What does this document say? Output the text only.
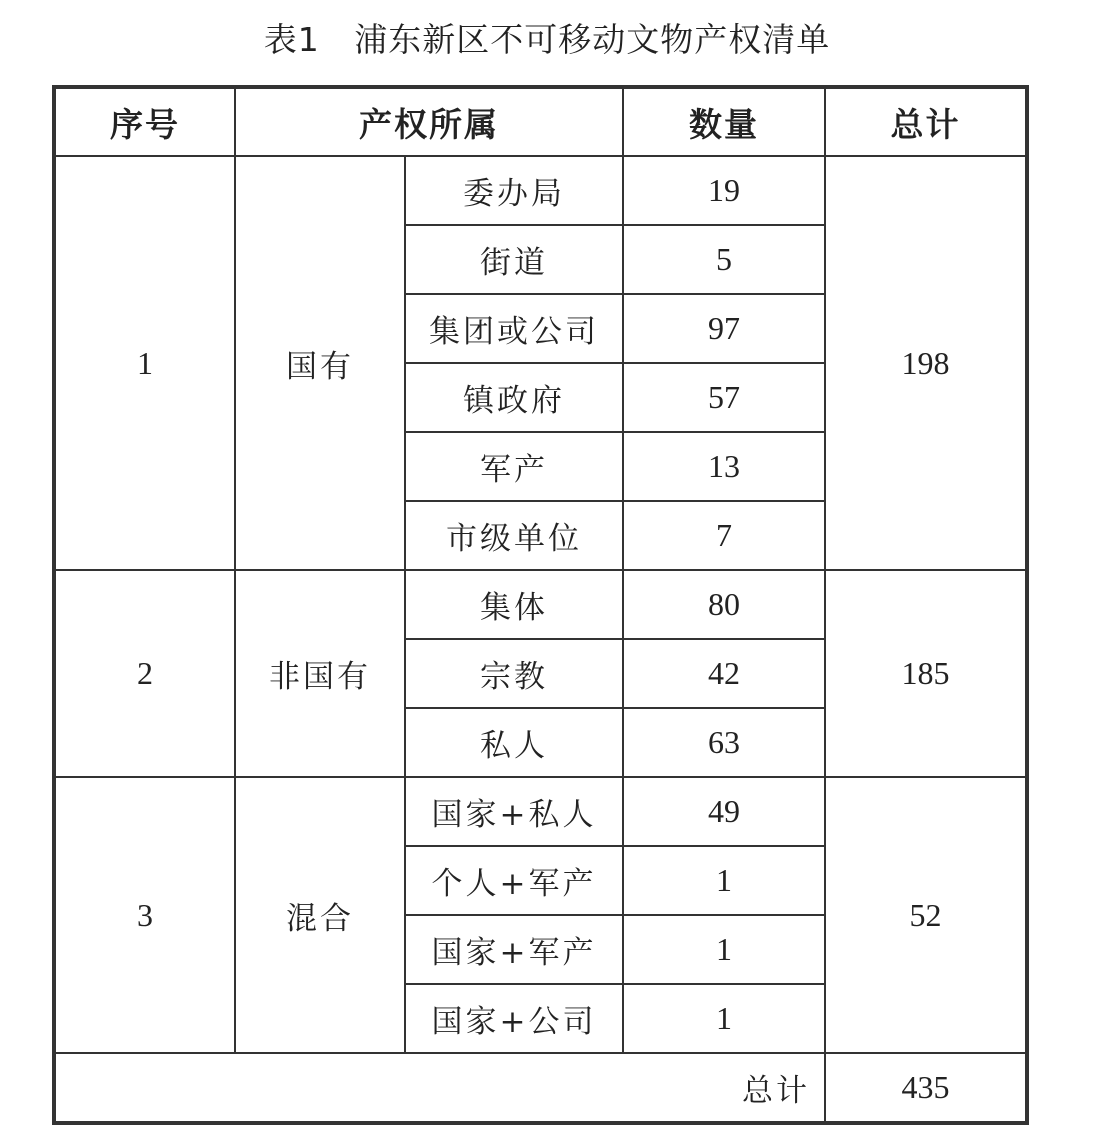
表1   浦东新区不可移动文物产权清单
序号	产权所属		数量	总计
1	国有	委办局	19	198
		街道	5	
		集团或公司	97	
		镇政府	57	
		军产	13	
		市级单位	7	
2	非国有	集体	80	185
		宗教	42	
		私人	63	
3	混合	国家+私人	49	52
		个人+军产	1	
		国家+军产	1	
		国家+公司	1	
总计				435
